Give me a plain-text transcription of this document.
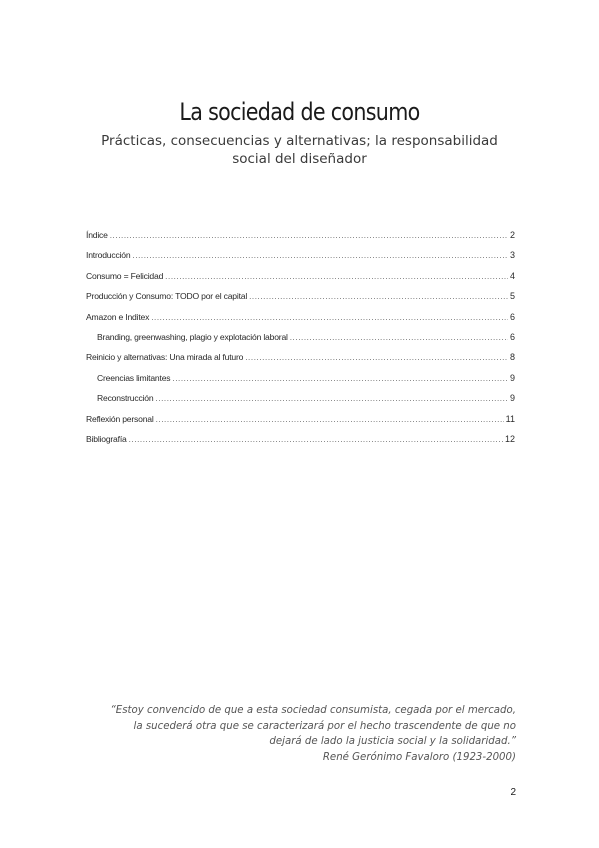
La sociedad de consumo

Prácticas, consecuencias y alternativas; la responsabilidad social del diseñador

Índice .....	2
Introducción .....	3
Consumo = Felicidad .....	4
Producción y Consumo: TODO por el capital .....	5
Amazon e Inditex .....	6
Branding, greenwashing, plagio y explotación laboral .....	6
Reinicio y alternativas: Una mirada al futuro .....	8
Creencias limitantes .....	9
Reconstrucción .....	9
Reflexión personal .....	11
Bibliografía .....	12
“Estoy convencido de que a esta sociedad consumista, cegada por el mercado,
la sucederá otra que se caracterizará por el hecho trascendente de que no
dejará de lado la justicia social y la solidaridad.”
René Gerónimo Favaloro (1923-2000)
2
